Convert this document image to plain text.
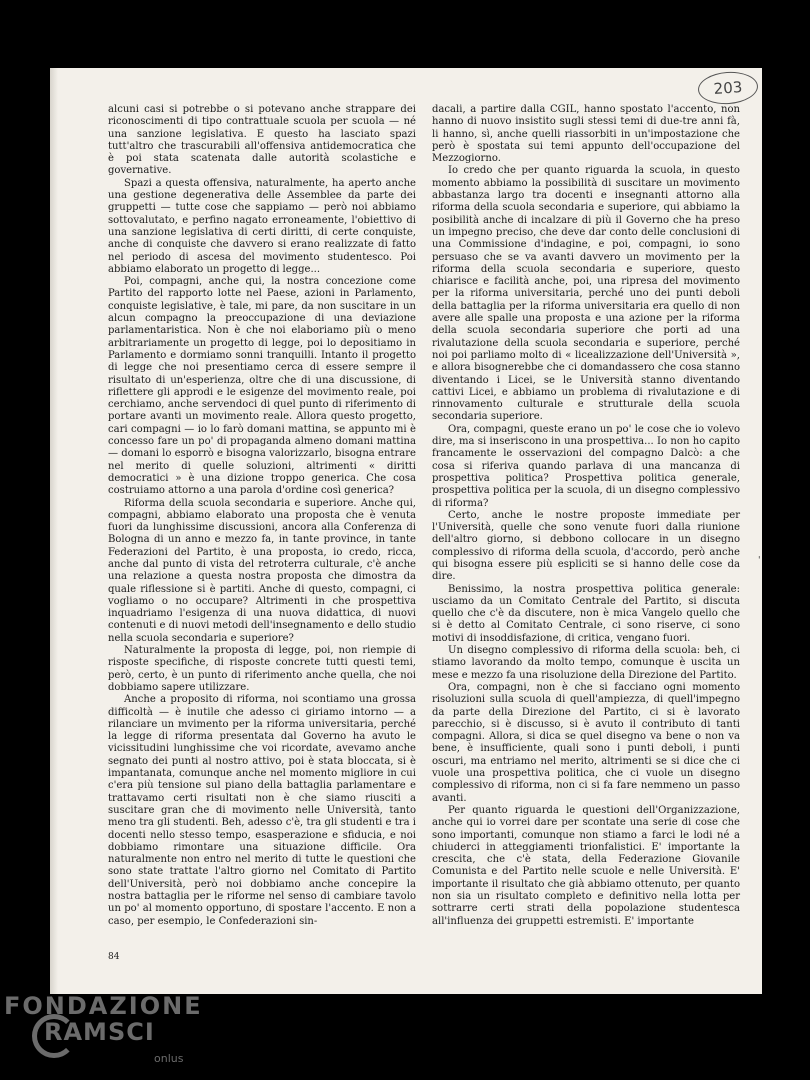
203

alcuni casi si potrebbe o si potevano anche strappare dei riconoscimenti di tipo contrattuale scuola per scuola — né una sanzione legislativa. E questo ha lasciato spazi tutt'altro che trascurabili all'offensiva antidemocratica che è poi stata scatenata dalle autorità scolastiche e governative.

Spazi a questa offensiva, naturalmente, ha aperto anche una gestione degenerativa delle Assemblee da parte dei gruppetti — tutte cose che sappiamo — però noi abbiamo sottovalutato, e perfino nagato erroneamente, l'obiettivo di una sanzione legislativa di certi diritti, di certe conquiste, anche di conquiste che davvero si erano realizzate di fatto nel periodo di ascesa del movimento studentesco. Poi abbiamo elaborato un progetto di legge...

Poi, compagni, anche qui, la nostra concezione come Partito del rapporto lotte nel Paese, azioni in Parlamento, conquiste legislative, è tale, mi pare, da non suscitare in un alcun compagno la preoccupazione di una deviazione parlamentaristica. Non è che noi elaboriamo più o meno arbitrariamente un progetto di legge, poi lo depositiamo in Parlamento e dormiamo sonni tranquilli. Intanto il progetto di legge che noi presentiamo cerca di essere sempre il risultato di un'esperienza, oltre che di una discussione, di riflettere gli approdi e le esigenze del movimento reale, poi cerchiamo, anche servendoci di quel punto di riferimento di portare avanti un movimento reale. Allora questo progetto, cari compagni — io lo farò domani mattina, se appunto mi è concesso fare un po' di propaganda almeno domani mattina — domani lo esporrò e bisogna valorizzarlo, bisogna entrare nel merito di quelle soluzioni, altrimenti « diritti democratici » è una dizione troppo generica. Che cosa costruiamo attorno a una parola d'ordine così generica?

Riforma della scuola secondaria e superiore. Anche qui, compagni, abbiamo elaborato una proposta che è venuta fuori da lunghissime discussioni, ancora alla Conferenza di Bologna di un anno e mezzo fa, in tante province, in tante Federazioni del Partito, è una proposta, io credo, ricca, anche dal punto di vista del retroterra culturale, c'è anche una relazione a questa nostra proposta che dimostra da quale riflessione si è partiti. Anche di questo, compagni, ci vogliamo o no occupare? Altrimenti in che prospettiva inquadriamo l'esigenza di una nuova didattica, di nuovi contenuti e di nuovi metodi dell'insegnamento e dello studio nella scuola secondaria e superiore?

Naturalmente la proposta di legge, poi, non riempie di risposte specifiche, di risposte concrete tutti questi temi, però, certo, è un punto di riferimento anche quella, che noi dobbiamo sapere utilizzare.

Anche a proposito di riforma, noi scontiamo una grossa difficoltà — è inutile che adesso ci giriamo intorno — a rilanciare un mvimento per la riforma universitaria, perché la legge di riforma presentata dal Governo ha avuto le vicissitudini lunghissime che voi ricordate, avevamo anche segnato dei punti al nostro attivo, poi è stata bloccata, si è impantanata, comunque anche nel momento migliore in cui c'era più tensione sul piano della battaglia parlamentare e trattavamo certi risultati non è che siamo riusciti a suscitare gran che di movimento nelle Università, tanto meno tra gli studenti. Beh, adesso c'è, tra gli studenti e tra i docenti nello stesso tempo, esasperazione e sfiducia, e noi dobbiamo rimontare una situazione difficile. Ora naturalmente non entro nel merito di tutte le questioni che sono state trattate l'altro giorno nel Comitato di Partito dell'Università, però noi dobbiamo anche concepire la nostra battaglia per le riforme nel senso di cambiare tavolo un po' al momento opportuno, di spostare l'accento. E non a caso, per esempio, le Confederazioni sin-

dacali, a partire dalla CGIL, hanno spostato l'accento, non hanno di nuovo insistito sugli stessi temi di due-tre anni fà, li hanno, sì, anche quelli riassorbiti in un'impostazione che però è spostata sui temi appunto dell'occupazione del Mezzogiorno.

Io credo che per quanto riguarda la scuola, in questo momento abbiamo la possibilità di suscitare un movimento abbastanza largo tra docenti e insegnanti attorno alla riforma della scuola secondaria e superiore, qui abbiamo la posibilità anche di incalzare di più il Governo che ha preso un impegno preciso, che deve dar conto delle conclusioni di una Commissione d'indagine, e poi, compagni, io sono persuaso che se va avanti davvero un movimento per la riforma della scuola secondaria e superiore, questo chiarisce e facilità anche, poi, una ripresa del movimento per la riforma universitaria, perché uno dei punti deboli della battaglia per la riforma universitaria era quello di non avere alle spalle una proposta e una azione per la riforma della scuola secondaria superiore che porti ad una rivalutazione della scuola secondaria e superiore, perché noi poi parliamo molto di « licealizzazione dell'Università », e allora bisognerebbe che ci domandassero che cosa stanno diventando i Licei, se le Università stanno diventando cattivi Licei, e abbiamo un problema di rivalutazione e di rinnovamento culturale e strutturale della scuola secondaria superiore.

Ora, compagni, queste erano un po' le cose che io volevo dire, ma si inseriscono in una prospettiva... Io non ho capito francamente le osservazioni del compagno Dalcò: a che cosa si riferiva quando parlava di una mancanza di prospettiva politica? Prospettiva politica generale, prospettiva politica per la scuola, di un disegno complessivo di riforma?

Certo, anche le nostre proposte immediate per l'Università, quelle che sono venute fuori dalla riunione dell'altro giorno, si debbono collocare in un disegno complessivo di riforma della scuola, d'accordo, però anche qui bisogna essere più espliciti se si hanno delle cose da dire.

Benissimo, la nostra prospettiva politica generale: usciamo da un Comitato Centrale del Partito, si discuta quello che c'è da discutere, non è mica Vangelo quello che si è detto al Comitato Centrale, ci sono riserve, ci sono motivi di insoddisfazione, di critica, vengano fuori.

Un disegno complessivo di riforma della scuola: beh, ci stiamo lavorando da molto tempo, comunque è uscita un mese e mezzo fa una risoluzione della Direzione del Partito.

Ora, compagni, non è che si facciano ogni momento risoluzioni sulla scuola di quell'ampiezza, di quell'impegno da parte della Direzione del Partito, ci si è lavorato parecchio, si è discusso, si è avuto il contributo di tanti compagni. Allora, si dica se quel disegno va bene o non va bene, è insufficiente, quali sono i punti deboli, i punti oscuri, ma entriamo nel merito, altrimenti se si dice che ci vuole una prospettiva politica, che ci vuole un disegno complessivo di riforma, non ci si fa fare nemmeno un passo avanti.

Per quanto riguarda le questioni dell'Organizzazione, anche qui io vorrei dare per scontate una serie di cose che sono importanti, comunque non stiamo a farci le lodi né a chiuderci in atteggiamenti trionfalistici. E' importante la crescita, che c'è stata, della Federazione Giovanile Comunista e del Partito nelle scuole e nelle Università. E' importante il risultato che già abbiamo ottenuto, per quanto non sia un risultato completo e definitivo nella lotta per sottrarre certi strati della popolazione studentesca all'influenza dei gruppetti estremisti. E' importante

84
'
FONDAZIONE
RAMSCI
onlus
